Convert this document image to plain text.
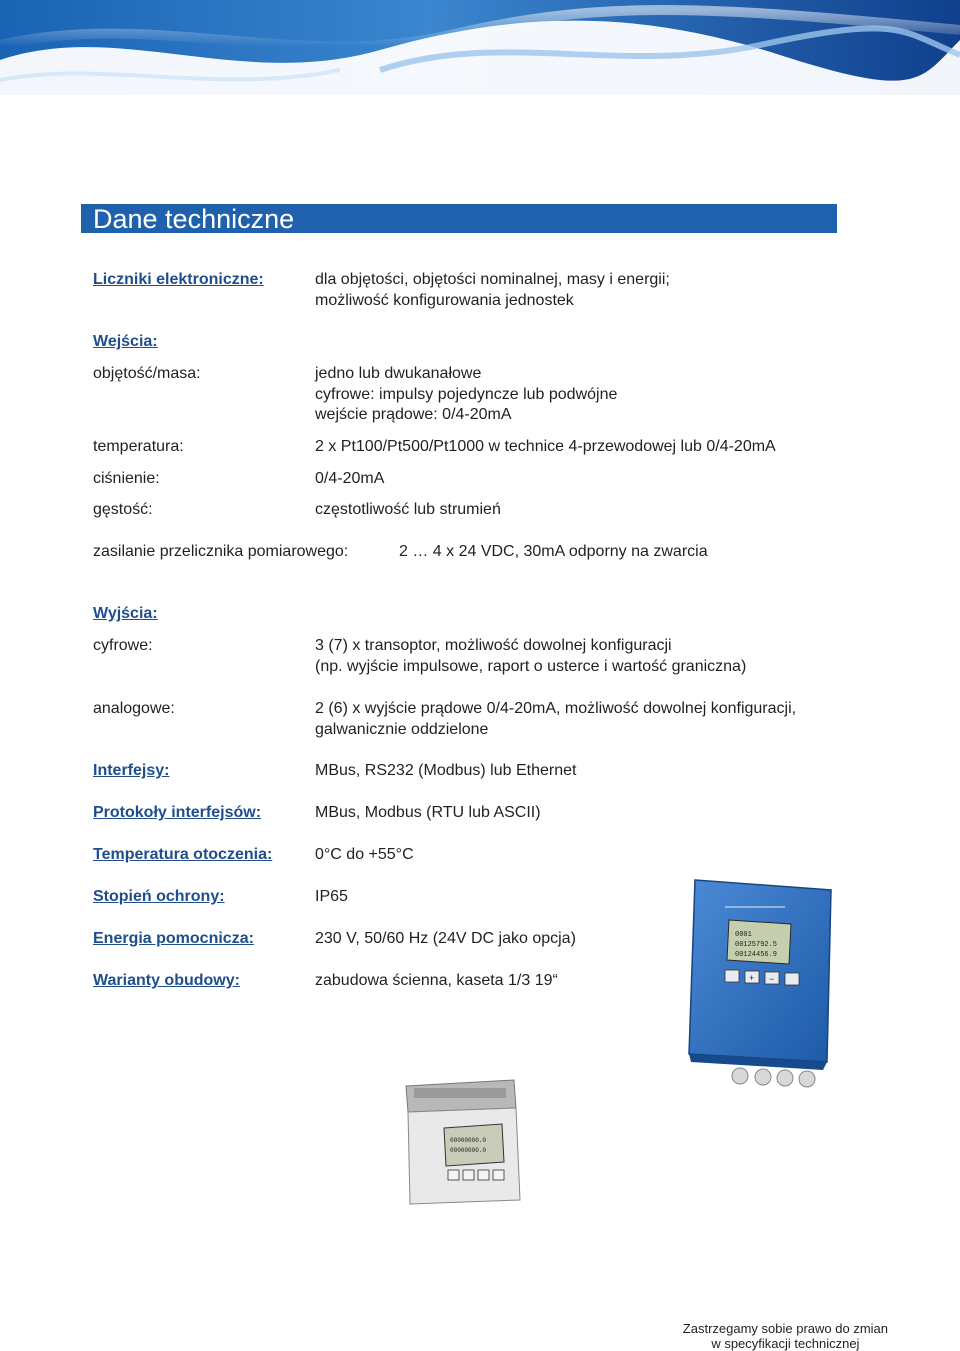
Dane techniczne
Liczniki elektroniczne:	dla objętości, objętości nominalnej, masy i energii;
możliwość konfigurowania jednostek
Wejścia:
objętość/masa:	jedno lub dwukanałowe
cyfrowe: impulsy pojedyncze lub podwójne
wejście prądowe: 0/4-20mA
temperatura:	2 x Pt100/Pt500/Pt1000 w technice 4-przewodowej lub 0/4-20mA
ciśnienie:	0/4-20mA
gęstość:	częstotliwość lub strumień
zasilanie przelicznika pomiarowego:	2 … 4 x 24 VDC, 30mA odporny na zwarcia
Wyjścia:
cyfrowe:	3 (7) x transoptor, możliwość dowolnej konfiguracji
(np. wyjście impulsowe, raport o usterce i wartość graniczna)
analogowe:	2 (6) x wyjście prądowe 0/4-20mA, możliwość dowolnej konfiguracji,
galwanicznie oddzielone
Interfejsy:	MBus, RS232 (Modbus) lub Ethernet
Protokoły interfejsów:	MBus, Modbus (RTU lub ASCII)
Temperatura otoczenia:	0°C do +55°C
Stopień ochrony:	IP65
Energia pomocnicza:	230 V, 50/60 Hz (24V DC jako opcja)
Warianty obudowy:	zabudowa ścienna, kaseta 1/3 19“
0001
00125792.5
00124456.9
+ −
00000000.0
00000000.0
Zastrzegamy sobie prawo do zmian
w specyfikacji technicznej
